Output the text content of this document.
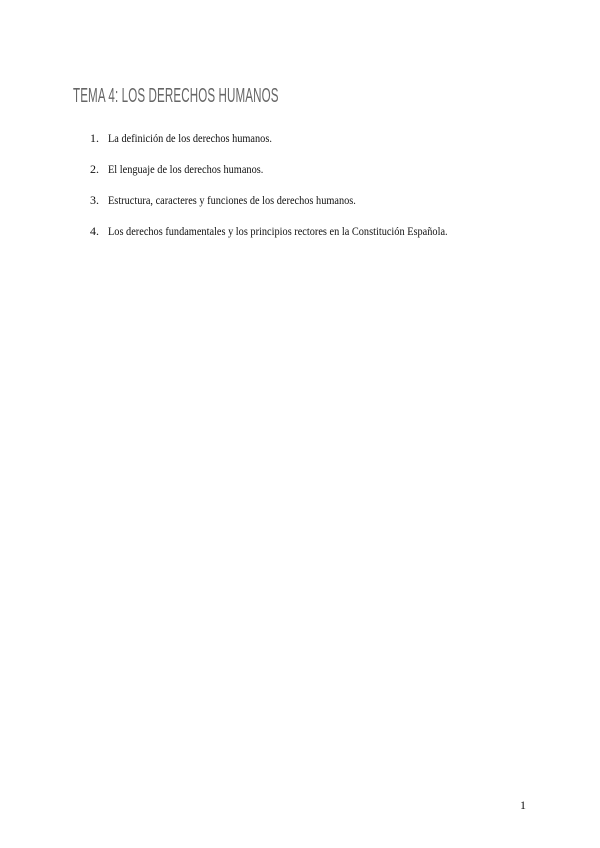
TEMA 4: LOS DERECHOS HUMANOS
1. La definición de los derechos humanos.
2. El lenguaje de los derechos humanos.
3. Estructura, caracteres y funciones de los derechos humanos.
4. Los derechos fundamentales y los principios rectores en la Constitución Española.
1
